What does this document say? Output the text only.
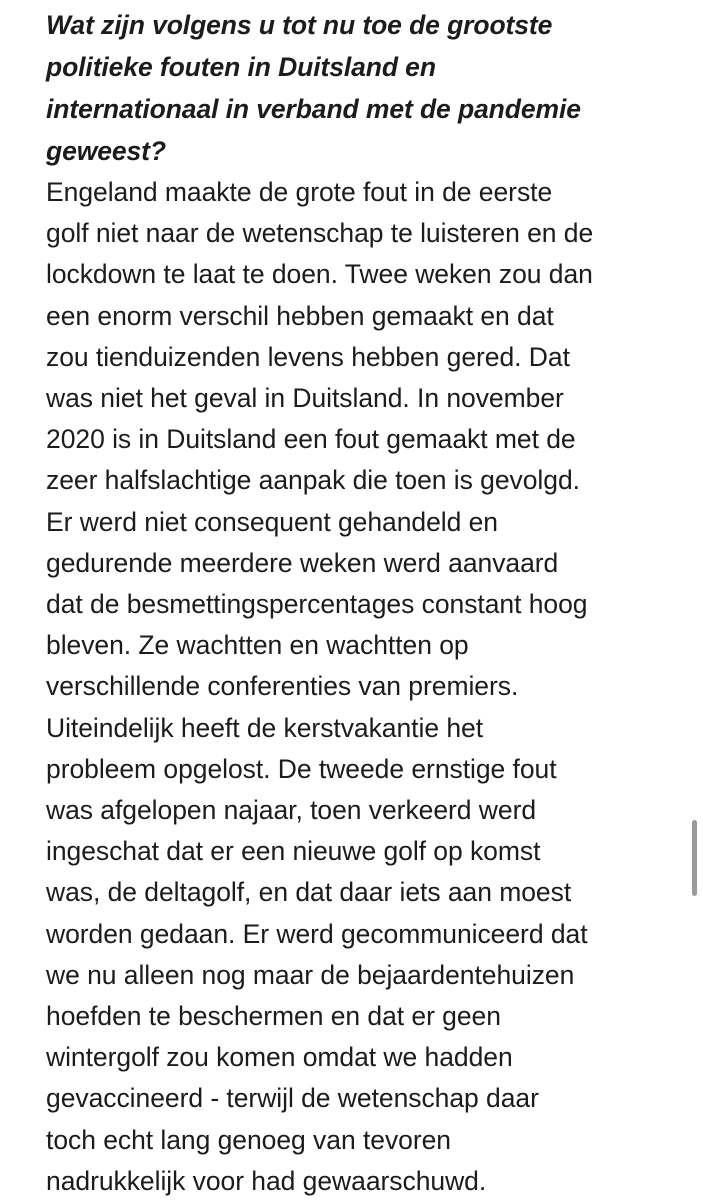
Wat zijn volgens u tot nu toe de grootste
politieke fouten in Duitsland en
internationaal in verband met de pandemie
geweest?
Engeland maakte de grote fout in de eerste
golf niet naar de wetenschap te luisteren en de
lockdown te laat te doen. Twee weken zou dan
een enorm verschil hebben gemaakt en dat
zou tienduizenden levens hebben gered. Dat
was niet het geval in Duitsland. In november
2020 is in Duitsland een fout gemaakt met de
zeer halfslachtige aanpak die toen is gevolgd.
Er werd niet consequent gehandeld en
gedurende meerdere weken werd aanvaard
dat de besmettingspercentages constant hoog
bleven. Ze wachtten en wachtten op
verschillende conferenties van premiers.
Uiteindelijk heeft de kerstvakantie het
probleem opgelost. De tweede ernstige fout
was afgelopen najaar, toen verkeerd werd
ingeschat dat er een nieuwe golf op komst
was, de deltagolf, en dat daar iets aan moest
worden gedaan. Er werd gecommuniceerd dat
we nu alleen nog maar de bejaardentehuizen
hoefden te beschermen en dat er geen
wintergolf zou komen omdat we hadden
gevaccineerd - terwijl de wetenschap daar
toch echt lang genoeg van tevoren
nadrukkelijk voor had gewaarschuwd.
